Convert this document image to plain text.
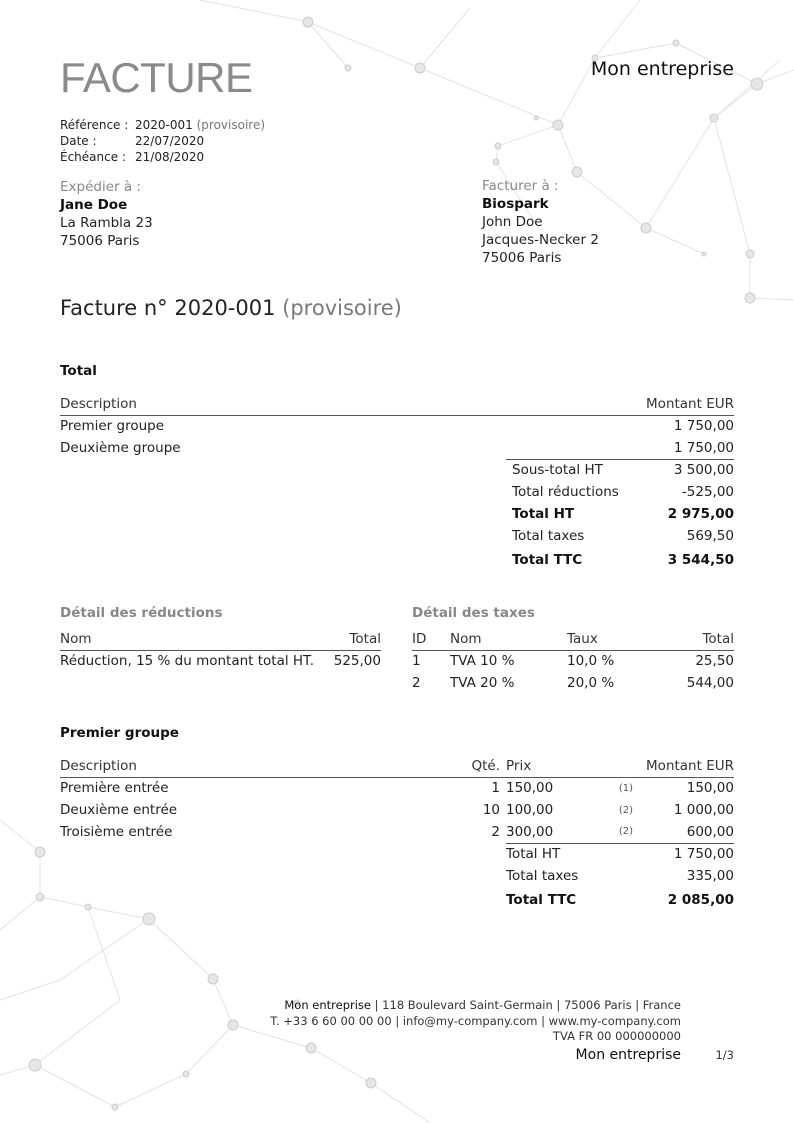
FACTURE	Mon entreprise
Référence : 2020-001
(provisoire)
Date :	22/07/2020
Échéance : 21/08/2020
Expédier à :
Jane Doe
La Rambla 23
75006 Paris
Facturer à :
Biospark
John Doe
Jacques-Necker 2
75006 Paris
Facture n° 2020-001 (provisoire)
Total
Description		Montant EUR
Premier groupe		1 750,00
Deuxième groupe		1 750,00
	Sous-total HT	3 500,00
	Total réductions	-525,00
	Total HT	2 975,00
	Total taxes	569,50
	Total TTC	3 544,50
Détail des réductions
Nom	Total
Réduction, 15 % du montant total HT.	525,00
Détail des taxes
ID	Nom	Taux	Total
1	TVA 10 %	10,0 %	25,50
2	TVA 20 %	20,0 %	544,00
Premier groupe
Description	Qté.		Prix	Montant EUR	
Première entrée	1		150,00	(1)	150,00
Deuxième entrée	10		100,00	(2)	1 000,00
Troisième entrée	2		300,00	(2)	600,00
			Total HT		1 750,00
			Total taxes		335,00
			Total TTC		2 085,00
Mon entreprise | 118 Boulevard Saint-Germain | 75006 Paris | France
T. +33 6 60 00 00 00 | info@my-company.com | www.my-company.com
TVA FR 00 000000000
Mon entreprise	1/3
